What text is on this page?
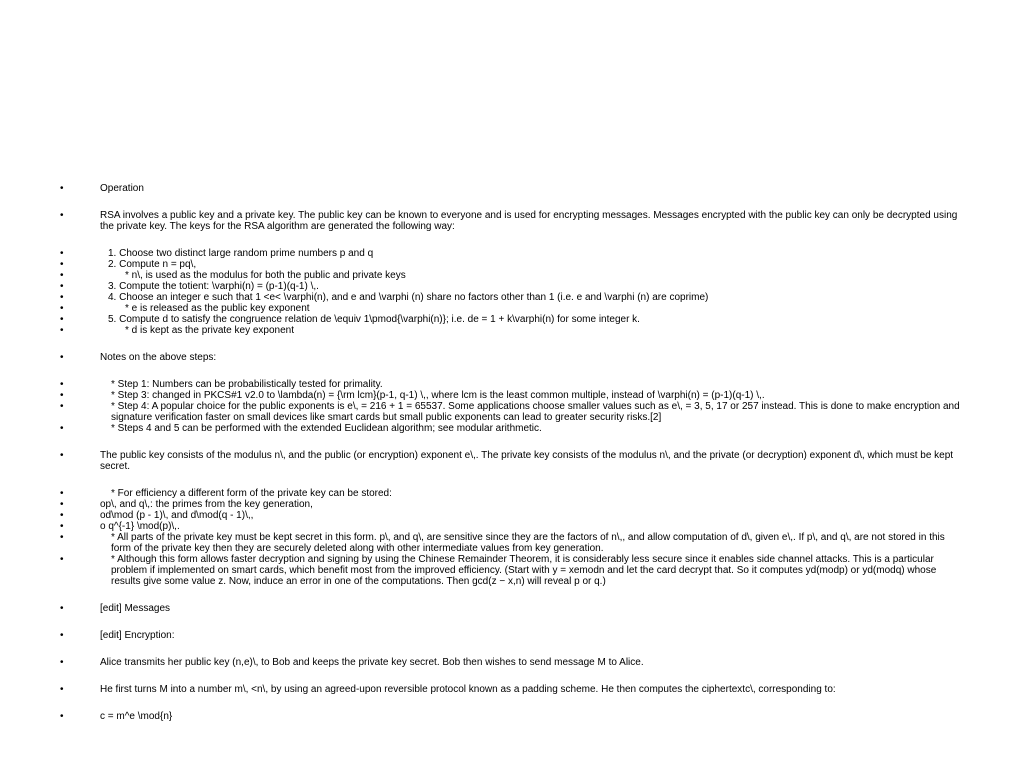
•	Operation
•	RSA involves a public key and a private key. The public key can be known to everyone and is used for encrypting messages. Messages encrypted with the public key can only be decrypted using the private key. The keys for the RSA algorithm are generated the following way:
•	1. Choose two distinct large random prime numbers p and q
•	2. Compute n = pq\,
•	* n\, is used as the modulus for both the public and private keys
•	3. Compute the totient: \varphi(n) = (p-1)(q-1) \,.
•	4. Choose an integer e such that 1 <e< \varphi(n), and e and \varphi (n) share no factors other than 1 (i.e. e and \varphi (n) are coprime)
•	* e is released as the public key exponent
•	5. Compute d to satisfy the congruence relation de \equiv 1\pmod{\varphi(n)}; i.e. de = 1 + k\varphi(n) for some integer k.
•	* d is kept as the private key exponent
•	Notes on the above steps:
•	* Step 1: Numbers can be probabilistically tested for primality.
•	* Step 3: changed in PKCS#1 v2.0 to \lambda(n) = {\rm lcm}(p-1, q-1) \,, where lcm is the least common multiple, instead of \varphi(n) = (p-1)(q-1) \,.
•	* Step 4: A popular choice for the public exponents is e\, = 216 + 1 = 65537. Some applications choose smaller values such as e\, = 3, 5, 17 or 257 instead. This is done to make encryption and signature verification faster on small devices like smart cards but small public exponents can lead to greater security risks.[2]
•	* Steps 4 and 5 can be performed with the extended Euclidean algorithm; see modular arithmetic.
•	The public key consists of the modulus n\, and the public (or encryption) exponent e\,. The private key consists of the modulus n\, and the private (or decryption) exponent d\, which must be kept secret.
•	* For efficiency a different form of the private key can be stored:
•	op\, and q\,: the primes from the key generation,
•	od\mod (p - 1)\, and d\mod(q - 1)\,,
•	o q^{-1} \mod(p)\,.
•	* All parts of the private key must be kept secret in this form. p\, and q\, are sensitive since they are the factors of n\,, and allow computation of d\, given e\,. If p\, and q\, are not stored in this form of the private key then they are securely deleted along with other intermediate values from key generation.
•	* Although this form allows faster decryption and signing by using the Chinese Remainder Theorem, it is considerably less secure since it enables side channel attacks. This is a particular problem if implemented on smart cards, which benefit most from the improved efficiency. (Start with y = xemodn and let the card decrypt that. So it computes yd(modp) or yd(modq) whose results give some value z. Now, induce an error in one of the computations. Then gcd(z − x,n) will reveal p or q.)
•	[edit] Messages
•	[edit] Encryption:
•	Alice transmits her public key (n,e)\, to Bob and keeps the private key secret. Bob then wishes to send message M to Alice.
•	He first turns M into a number m\, <n\, by using an agreed-upon reversible protocol known as a padding scheme. He then computes the ciphertextc\, corresponding to:
•	c = m^e \mod{n}
